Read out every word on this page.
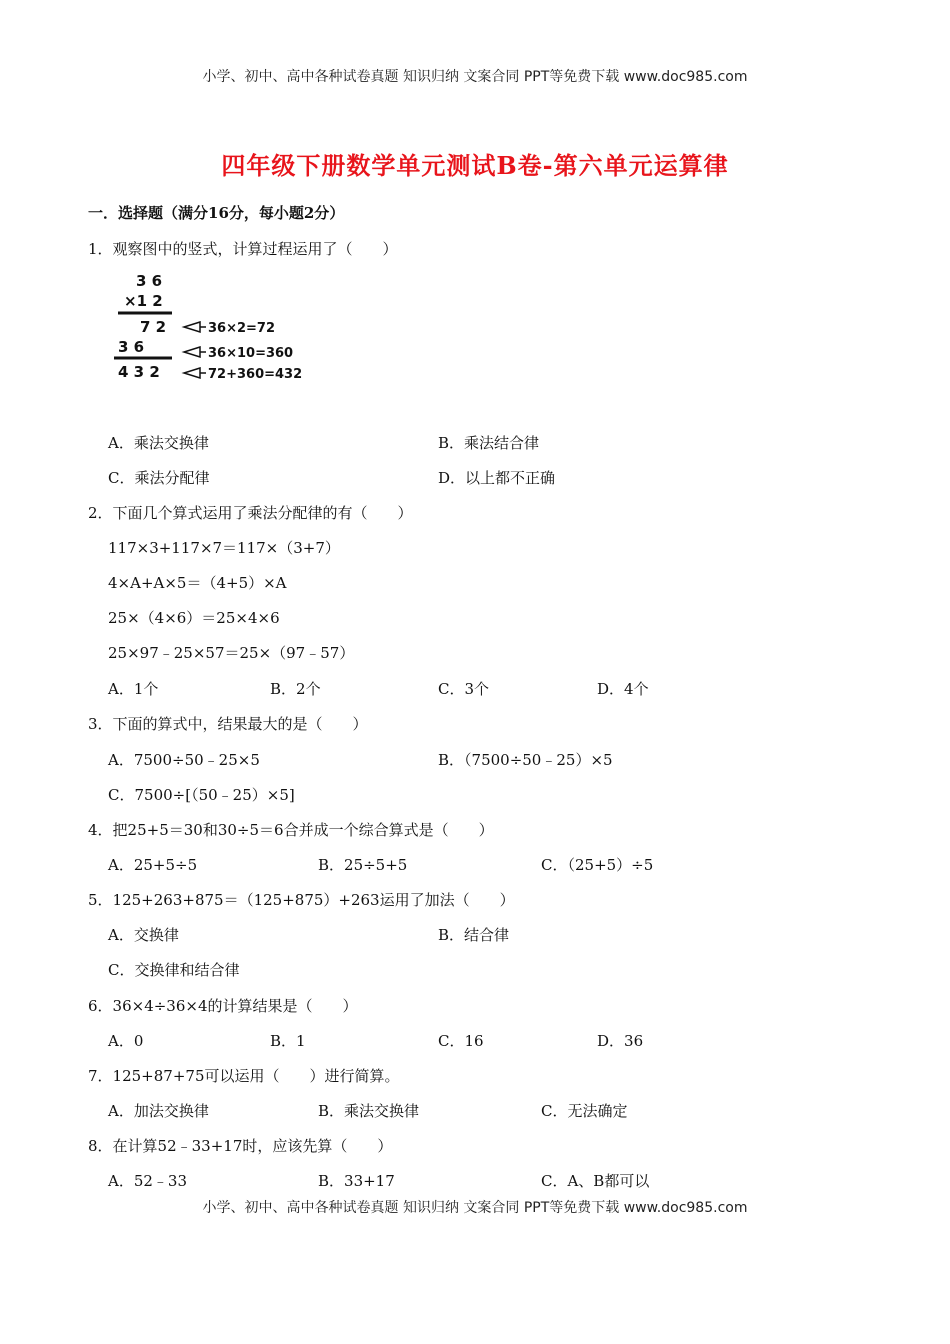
小学、初中、高中各种试卷真题 知识归纳 文案合同 PPT等免费下载 www.doc985.com
四年级下册数学单元测试B卷-第六单元运算律
一．选择题（满分16分，每小题2分）
1．观察图中的竖式，计算过程运用了（　　）
3 6
×1 2
7 2
3 6
4 3 2
36×2=72
36×10=360
72+360=432
A．乘法交换律	B．乘法结合律
C．乘法分配律	D．以上都不正确
2．下面几个算式运用了乘法分配律的有（　　）
117×3+117×7＝117×（3+7）
4×A+A×5＝（4+5）×A
25×（4×6）＝25×4×6
25×97﹣25×57＝25×（97﹣57）
A．1个	B．2个	C．3个	D．4个
3．下面的算式中，结果最大的是（　　）
A．7500÷50﹣25×5	B．（7500÷50﹣25）×5
C．7500÷[（50﹣25）×5]
4．把25+5＝30和30÷5＝6合并成一个综合算式是（　　）
A．25+5÷5	B．25÷5+5	C．（25+5）÷5
5．125+263+875＝（125+875）+263运用了加法（　　）
A．交换律	B．结合律
C．交换律和结合律
6．36×4÷36×4的计算结果是（　　）
A．0	B．1	C．16	D．36
7．125+87+75可以运用（　　）进行简算。
A．加法交换律	B．乘法交换律	C．无法确定
8．在计算52﹣33+17时，应该先算（　　）
A．52﹣33	B．33+17	C．A、B都可以
小学、初中、高中各种试卷真题 知识归纳 文案合同 PPT等免费下载 www.doc985.com
